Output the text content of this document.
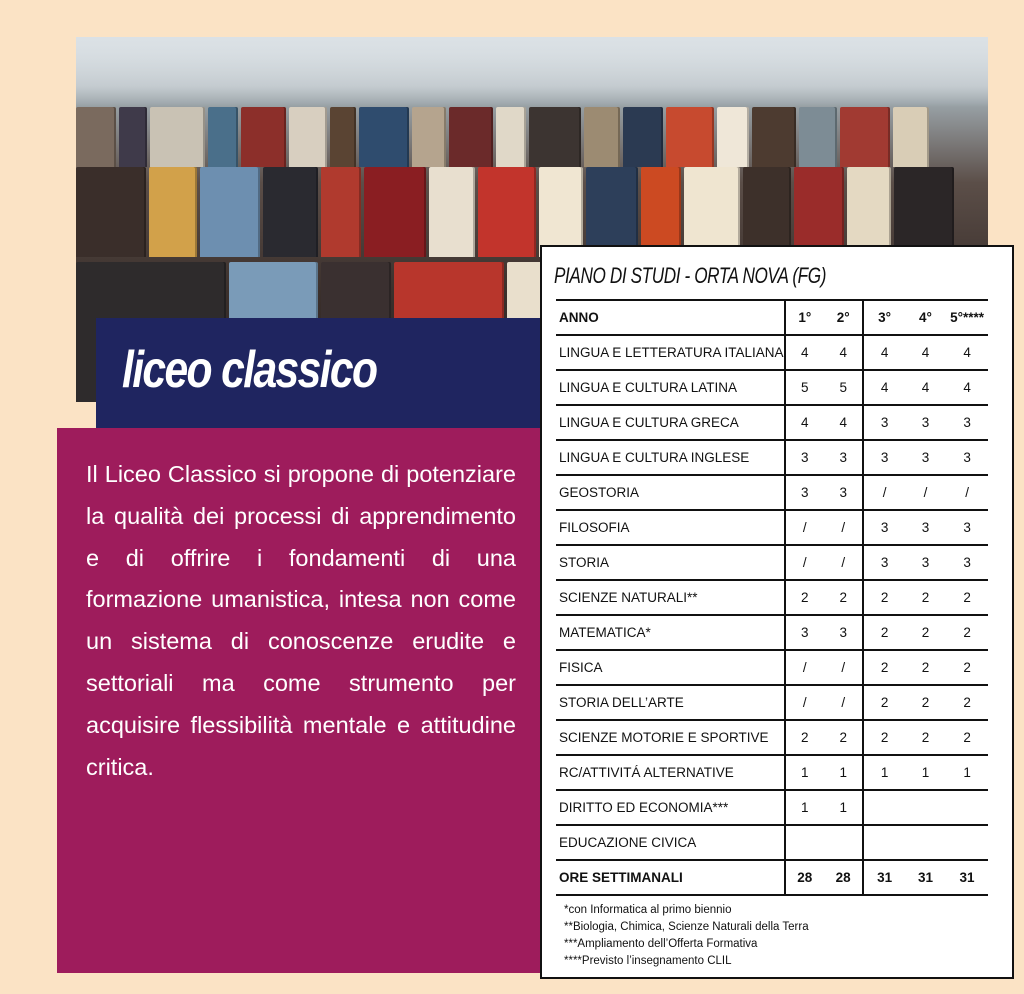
liceo classico

Il Liceo Classico si propone di potenziare la qualità dei processi di apprendimento e di offrire i fondamenti di una formazione umanistica, intesa non come un sistema di conoscenze erudite e settoriali ma come strumento per acquisire flessibilità mentale e attitudine critica.

PIANO DI STUDI - ORTA NOVA (FG)
ANNO	1°	2°	3°	4°	5°****
LINGUA E LETTERATURA ITALIANA	4	4	4	4	4
LINGUA E CULTURA LATINA	5	5	4	4	4
LINGUA E CULTURA GRECA	4	4	3	3	3
LINGUA E CULTURA INGLESE	3	3	3	3	3
GEOSTORIA	3	3	/	/	/
FILOSOFIA	/	/	3	3	3
STORIA	/	/	3	3	3
SCIENZE NATURALI**	2	2	2	2	2
MATEMATICA*	3	3	2	2	2
FISICA	/	/	2	2	2
STORIA DELL’ARTE	/	/	2	2	2
SCIENZE MOTORIE E SPORTIVE	2	2	2	2	2
RC/ATTIVITÁ ALTERNATIVE	1	1	1	1	1
DIRITTO ED ECONOMIA***	1	1			
EDUCAZIONE CIVICA					
ORE SETTIMANALI	28	28	31	31	31
*con Informatica al primo biennio
**Biologia, Chimica, Scienze Naturali della Terra
***Ampliamento dell’Offerta Formativa
****Previsto l’insegnamento CLIL
